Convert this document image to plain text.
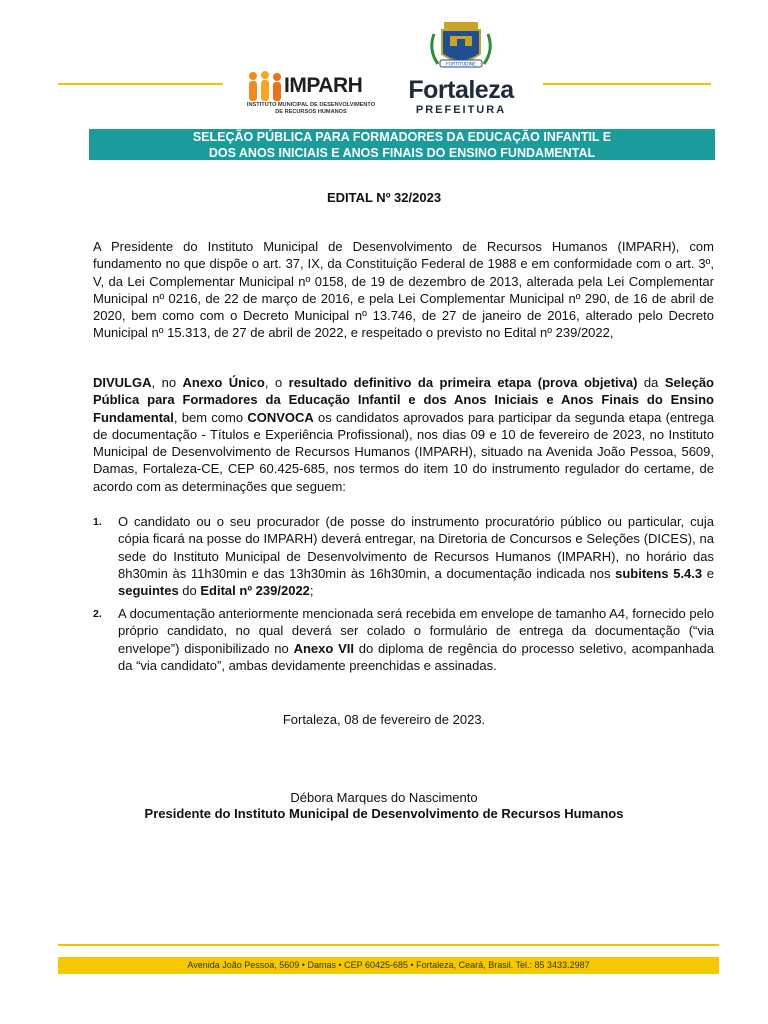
IMPARH
INSTITUTO MUNICIPAL DE DESENVOLVIMENTO DE RECURSOS HUMANOS
FORTITUDINE
Fortaleza
PREFEITURA
SELEÇÃO PÚBLICA PARA FORMADORES DA EDUCAÇÃO INFANTIL E
DOS ANOS INICIAIS E ANOS FINAIS DO ENSINO FUNDAMENTAL
EDITAL Nº 32/2023
A Presidente do Instituto Municipal de Desenvolvimento de Recursos Humanos (IMPARH), com fundamento no que dispõe o art. 37, IX, da Constituição Federal de 1988 e em conformidade com o art. 3º, V, da Lei Complementar Municipal nº 0158, de 19 de dezembro de 2013, alterada pela Lei Complementar Municipal nº 0216, de 22 de março de 2016, e pela Lei Complementar Municipal nº 290, de 16 de abril de 2020, bem como com o Decreto Municipal nº 13.746, de 27 de janeiro de 2016, alterado pelo Decreto Municipal nº 15.313, de 27 de abril de 2022, e respeitado o previsto no Edital nº 239/2022,
DIVULGA, no Anexo Único, o resultado definitivo da primeira etapa (prova objetiva) da Seleção Pública para Formadores da Educação Infantil e dos Anos Iniciais e Anos Finais do Ensino Fundamental, bem como CONVOCA os candidatos aprovados para participar da segunda etapa (entrega de documentação - Títulos e Experiência Profissional), nos dias 09 e 10 de fevereiro de 2023, no Instituto Municipal de Desenvolvimento de Recursos Humanos (IMPARH), situado na Avenida João Pessoa, 5609, Damas, Fortaleza-CE, CEP 60.425-685, nos termos do item 10 do instrumento regulador do certame, de acordo com as determinações que seguem:
1. O candidato ou o seu procurador (de posse do instrumento procuratório público ou particular, cuja cópia ficará na posse do IMPARH) deverá entregar, na Diretoria de Concursos e Seleções (DICES), na sede do Instituto Municipal de Desenvolvimento de Recursos Humanos (IMPARH), no horário das 8h30min às 11h30min e das 13h30min às 16h30min, a documentação indicada nos subitens 5.4.3 e seguintes do Edital nº 239/2022;
2. A documentação anteriormente mencionada será recebida em envelope de tamanho A4, fornecido pelo próprio candidato, no qual deverá ser colado o formulário de entrega da documentação (“via envelope”) disponibilizado no Anexo VII do diploma de regência do processo seletivo, acompanhada da “via candidato”, ambas devidamente preenchidas e assinadas.
Fortaleza, 08 de fevereiro de 2023.
Débora Marques do Nascimento
Presidente do Instituto Municipal de Desenvolvimento de Recursos Humanos
Avenida João Pessoa, 5609 • Damas • CEP 60425-685 • Fortaleza, Ceará, Brasil. Tel.: 85 3433.2987
